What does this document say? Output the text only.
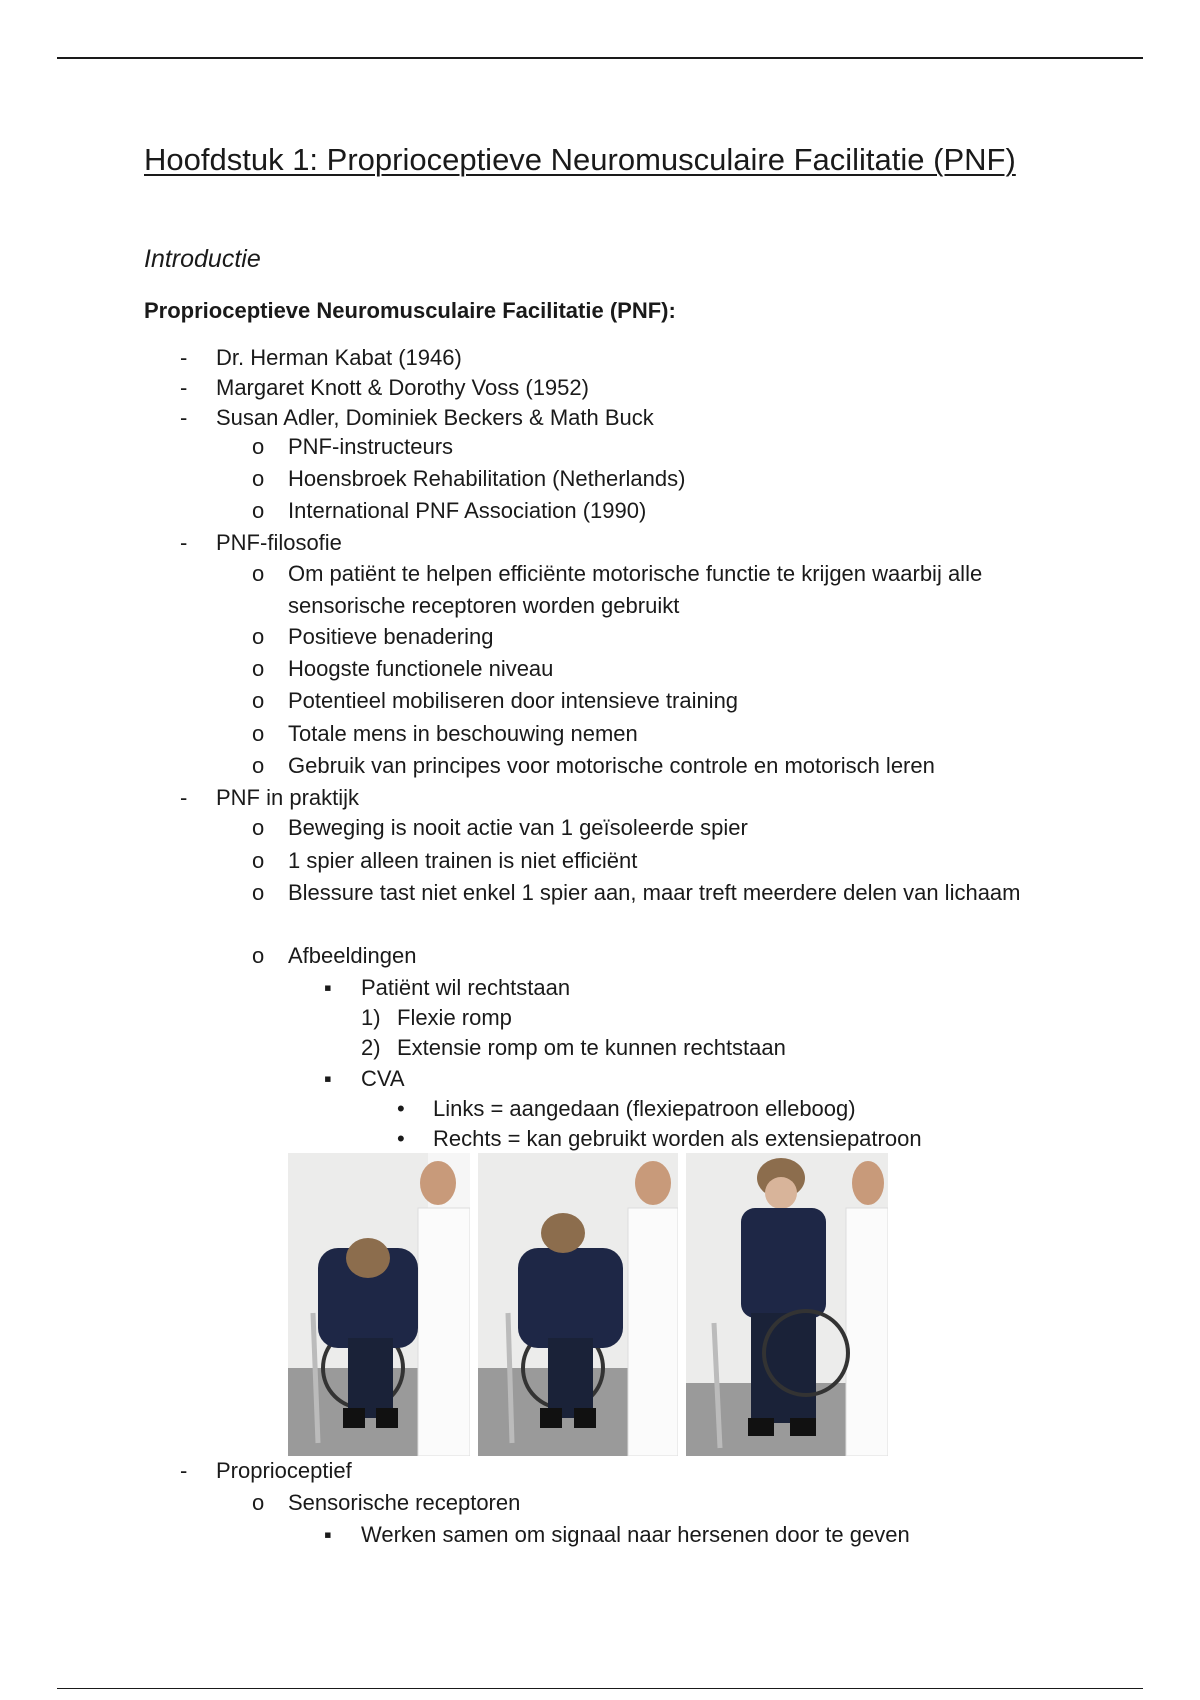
Hoofdstuk 1: Proprioceptieve Neuromusculaire Facilitatie (PNF)
Introductie
Proprioceptieve Neuromusculaire Facilitatie (PNF):
- Dr. Herman Kabat (1946)
- Margaret Knott & Dorothy Voss (1952)
- Susan Adler, Dominiek Beckers & Math Buck
o PNF-instructeurs
o Hoensbroek Rehabilitation (Netherlands)
o International PNF Association (1990)
- PNF-filosofie
o Om patiënt te helpen efficiënte motorische functie te krijgen waarbij alle sensorische receptoren worden gebruikt
o Positieve benadering
o Hoogste functionele niveau
o Potentieel mobiliseren door intensieve training
o Totale mens in beschouwing nemen
o Gebruik van principes voor motorische controle en motorisch leren
- PNF in praktijk
o Beweging is nooit actie van 1 geïsoleerde spier
o 1 spier alleen trainen is niet efficiënt
o Blessure tast niet enkel 1 spier aan, maar treft meerdere delen van lichaam
o Afbeeldingen
▪ Patiënt wil rechtstaan
1) Flexie romp
2) Extensie romp om te kunnen rechtstaan
▪ CVA
• Links = aangedaan (flexiepatroon elleboog)
• Rechts = kan gebruikt worden als extensiepatroon
- Proprioceptief
o Sensorische receptoren
▪ Werken samen om signaal naar hersenen door te geven
